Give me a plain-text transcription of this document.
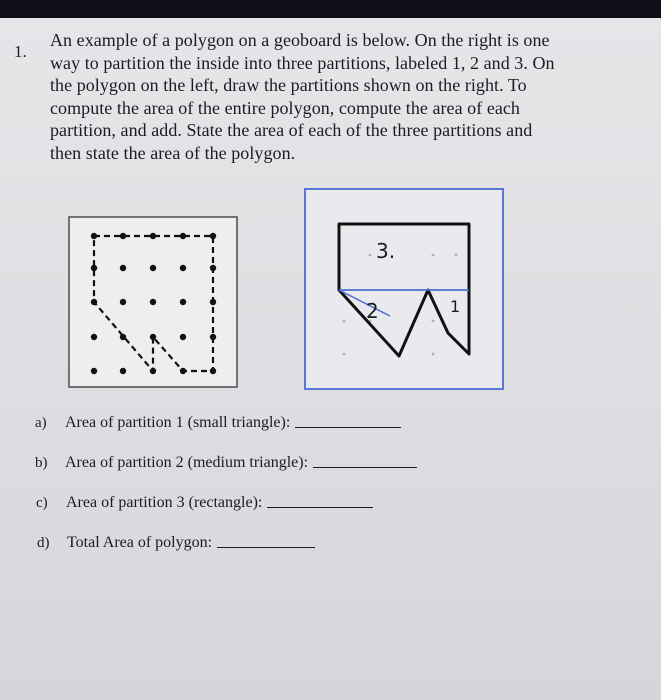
1.

An example of a polygon on a geoboard is below. On the right is one
way to partition the inside into three partitions, labeled 1, 2 and 3. On
the polygon on the left, draw the partitions shown on the right. To
compute the area of the entire polygon, compute the area of each
partition, and add. State the area of each of the three partitions and
then state the area of the polygon.

3.
2	1
a)	Area of partition 1 (small triangle):
b)	Area of partition 2 (medium triangle):
c)	Area of partition 3 (rectangle):
d)	Total Area of polygon:
